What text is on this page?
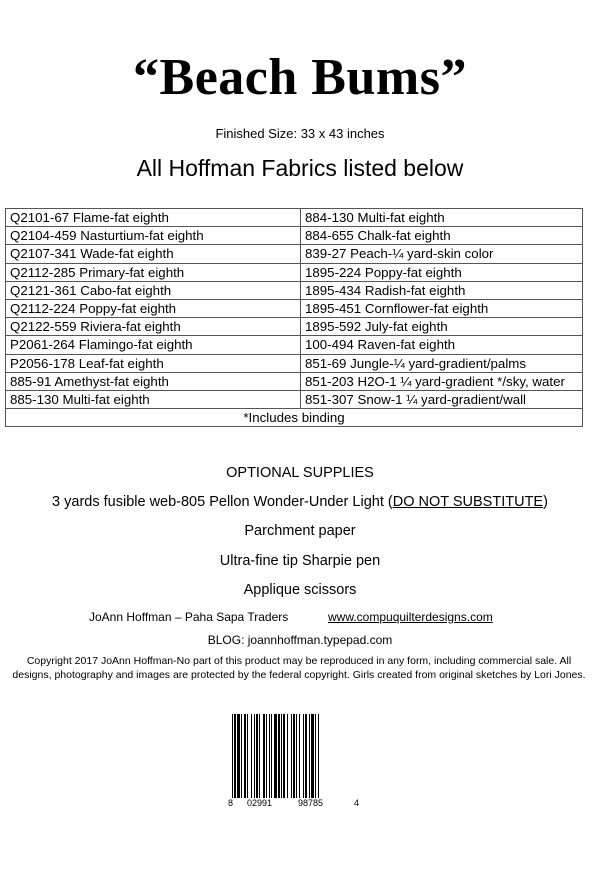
“Beach Bums”
Finished Size: 33 x 43 inches
All Hoffman Fabrics listed below
Q2101-67 Flame-fat eighth	884-130 Multi-fat eighth
Q2104-459 Nasturtium-fat eighth	884-655 Chalk-fat eighth
Q2107-341 Wade-fat eighth	839-27 Peach-¼ yard-skin color
Q2112-285 Primary-fat eighth	1895-224 Poppy-fat eighth
Q2121-361 Cabo-fat eighth	1895-434 Radish-fat eighth
Q2112-224 Poppy-fat eighth	1895-451 Cornflower-fat eighth
Q2122-559 Riviera-fat eighth	1895-592 July-fat eighth
P2061-264 Flamingo-fat eighth	100-494 Raven-fat eighth
P2056-178 Leaf-fat eighth	851-69 Jungle-¼ yard-gradient/palms
885-91 Amethyst-fat eighth	851-203 H2O-1 ¼ yard-gradient */sky, water
885-130 Multi-fat eighth	851-307 Snow-1 ¼ yard-gradient/wall
*Includes binding	
OPTIONAL SUPPLIES
3 yards fusible web-805 Pellon Wonder-Under Light (DO NOT SUBSTITUTE)
Parchment paper
Ultra-fine tip Sharpie pen
Applique scissors
JoAnn Hoffman – Paha Sapa Traders	www.compuquilterdesigns.com
BLOG: joannhoffman.typepad.com
Copyright 2017 JoAnn Hoffman-No part of this product may be reproduced in any form, including commercial sale. All designs, photography and images are protected by the federal copyright. Girls created from original sketches by Lori Jones.
8 02991	98785	4
